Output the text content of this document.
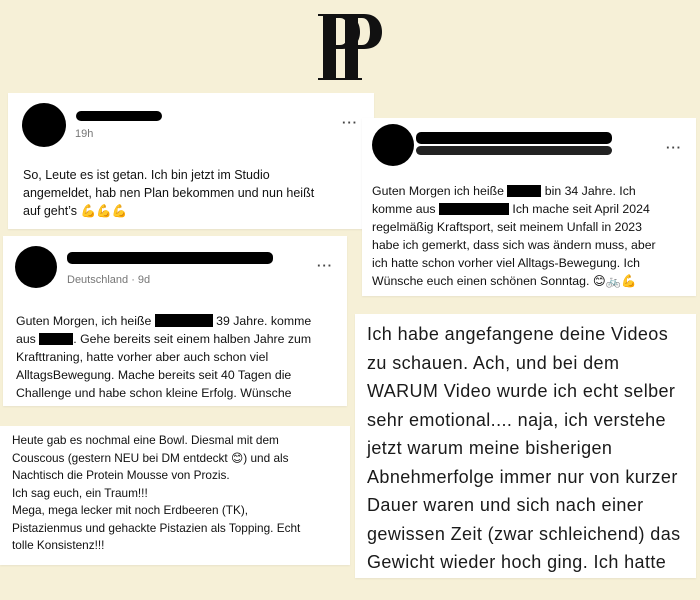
19h
···
So, Leute es ist getan. Ich bin jetzt im Studio
angemeldet, hab nen Plan bekommen und nun heißt
auf geht’s 💪💪💪
···
Guten Morgen ich heiße	bin 34 Jahre. Ich
komme aus	Ich mache seit April 2024
regelmäßig Kraftsport, seit meinem Unfall in 2023
habe ich gemerkt, dass sich was ändern muss, aber
ich hatte schon vorher viel Alltags-Bewegung. Ich
Wünsche euch einen schönen Sonntag. 😊🚲💪
Deutschland · 9d
···
Guten Morgen, ich heiße	39 Jahre. komme
aus	. Gehe bereits seit einem halben Jahre zum
Krafttraning, hatte vorher aber auch schon viel
AlltagsBewegung. Mache bereits seit 40 Tagen die
Challenge und habe schon kleine Erfolg. Wünsche
Heute gab es nochmal eine Bowl. Diesmal mit dem
Couscous (gestern NEU bei DM entdeckt 😊) und als
Nachtisch die Protein Mousse von Prozis.
Ich sag euch, ein Traum!!!
Mega, mega lecker mit noch Erdbeeren (TK),
Pistazienmus und gehackte Pistazien als Topping. Echt
tolle Konsistenz!!!
Ich habe angefangene deine Videos
zu schauen. Ach, und bei dem
WARUM Video wurde ich echt selber
sehr emotional.... naja, ich verstehe
jetzt warum meine bisherigen
Abnehmerfolge immer nur von kurzer
Dauer waren und sich nach einer
gewissen Zeit (zwar schleichend) das
Gewicht wieder hoch ging. Ich hatte
